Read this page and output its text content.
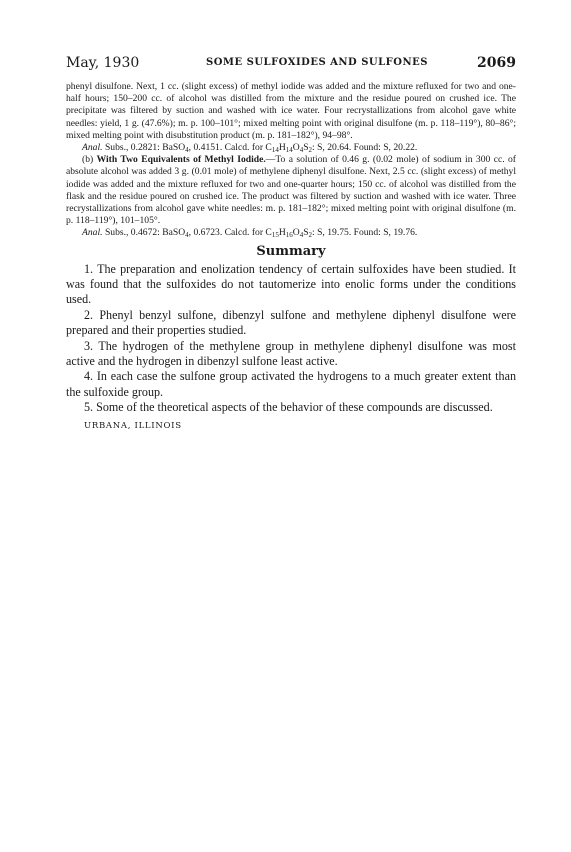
May, 1930	SOME SULFOXIDES AND SULFONES	2069

phenyl disulfone. Next, 1 cc. (slight excess) of methyl iodide was added and the mixture refluxed for two and one-half hours; 150–200 cc. of alcohol was distilled from the mixture and the residue poured on crushed ice. The precipitate was filtered by suction and washed with ice water. Four recrystallizations from alcohol gave white needles: yield, 1 g. (47.6%); m. p. 100–101°; mixed melting point with original disulfone (m. p. 118–119°), 80–86°; mixed melting point with disubstitution product (m. p. 181–182°), 94–98°.

Anal. Subs., 0.2821: BaSO$_4$, 0.4151. Calcd. for $C_{14}H_{14}O_4S_2$: S, 20.64. Found: S, 20.22.

(b) With Two Equivalents of Methyl Iodide.—To a solution of 0.46 g. (0.02 mole) of sodium in 300 cc. of absolute alcohol was added 3 g. (0.01 mole) of methylene diphenyl disulfone. Next, 2.5 cc. (slight excess) of methyl iodide was added and the mixture refluxed for two and one-quarter hours; 150 cc. of alcohol was distilled from the flask and the residue poured on crushed ice. The product was filtered by suction and washed with ice water. Three recrystallizations from alcohol gave white needles: m. p. 181–182°; mixed melting point with original disulfone (m. p. 118–119°), 101–105°.

Anal. Subs., 0.4672: BaSO$_4$, 0.6723. Calcd. for $C_{15}H_{16}O_4S_2$: S, 19.75. Found: S, 19.76.

Summary

1. The preparation and enolization tendency of certain sulfoxides have been studied. It was found that the sulfoxides do not tautomerize into enolic forms under the conditions used.

2. Phenyl benzyl sulfone, dibenzyl sulfone and methylene diphenyl disulfone were prepared and their properties studied.

3. The hydrogen of the methylene group in methylene diphenyl disulfone was most active and the hydrogen in dibenzyl sulfone least active.

4. In each case the sulfone group activated the hydrogens to a much greater extent than the sulfoxide group.

5. Some of the theoretical aspects of the behavior of these compounds are discussed.

URBANA, ILLINOIS
